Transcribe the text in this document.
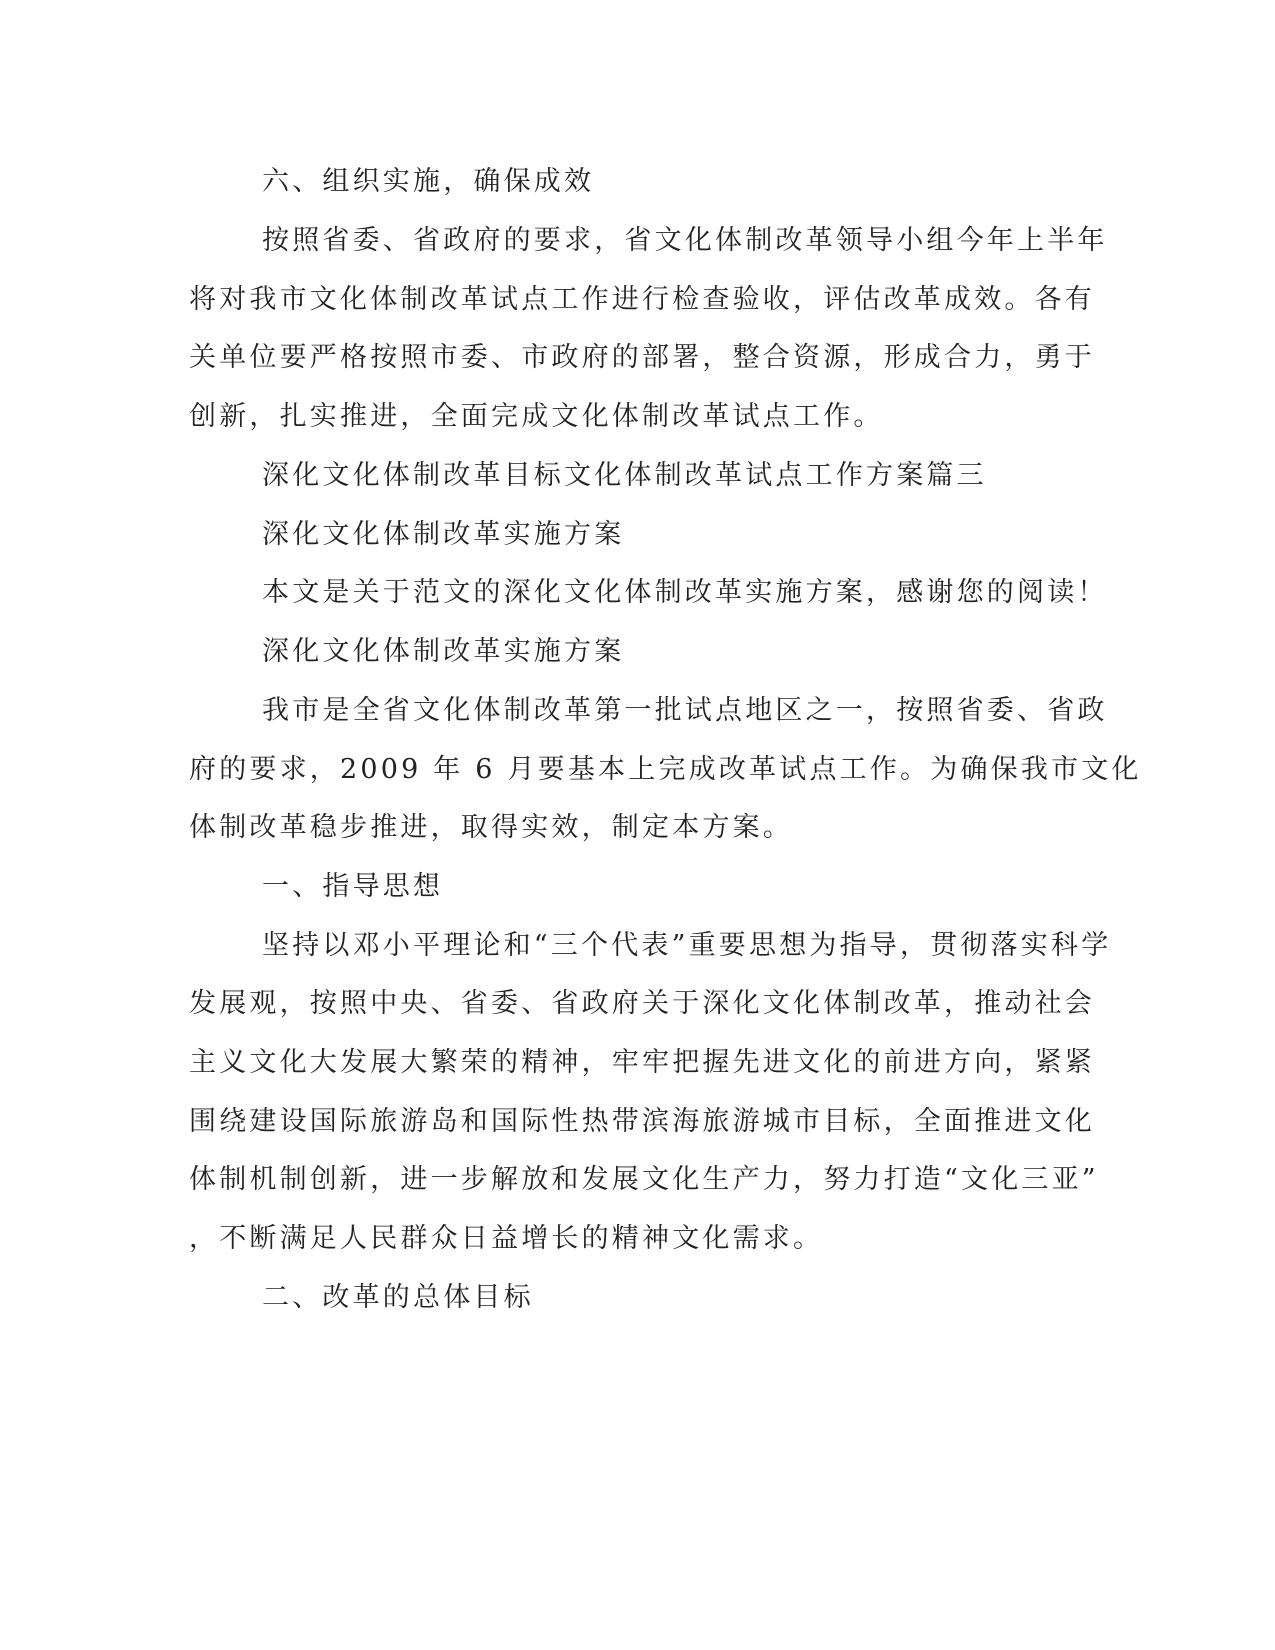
六、组织实施，确保成效
按照省委、省政府的要求，省文化体制改革领导小组今年上半年
将对我市文化体制改革试点工作进行检查验收，评估改革成效。各有
关单位要严格按照市委、市政府的部署，整合资源，形成合力，勇于
创新，扎实推进，全面完成文化体制改革试点工作。
深化文化体制改革目标文化体制改革试点工作方案篇三
深化文化体制改革实施方案
本文是关于范文的深化文化体制改革实施方案，感谢您的阅读！
深化文化体制改革实施方案
我市是全省文化体制改革第一批试点地区之一，按照省委、省政
府的要求，2009 年 6 月要基本上完成改革试点工作。为确保我市文化
体制改革稳步推进，取得实效，制定本方案。
一、指导思想
坚持以邓小平理论和“三个代表”重要思想为指导，贯彻落实科学
发展观，按照中央、省委、省政府关于深化文化体制改革，推动社会
主义文化大发展大繁荣的精神，牢牢把握先进文化的前进方向，紧紧
围绕建设国际旅游岛和国际性热带滨海旅游城市目标，全面推进文化
体制机制创新，进一步解放和发展文化生产力，努力打造“文化三亚”
，不断满足人民群众日益增长的精神文化需求。
二、改革的总体目标
